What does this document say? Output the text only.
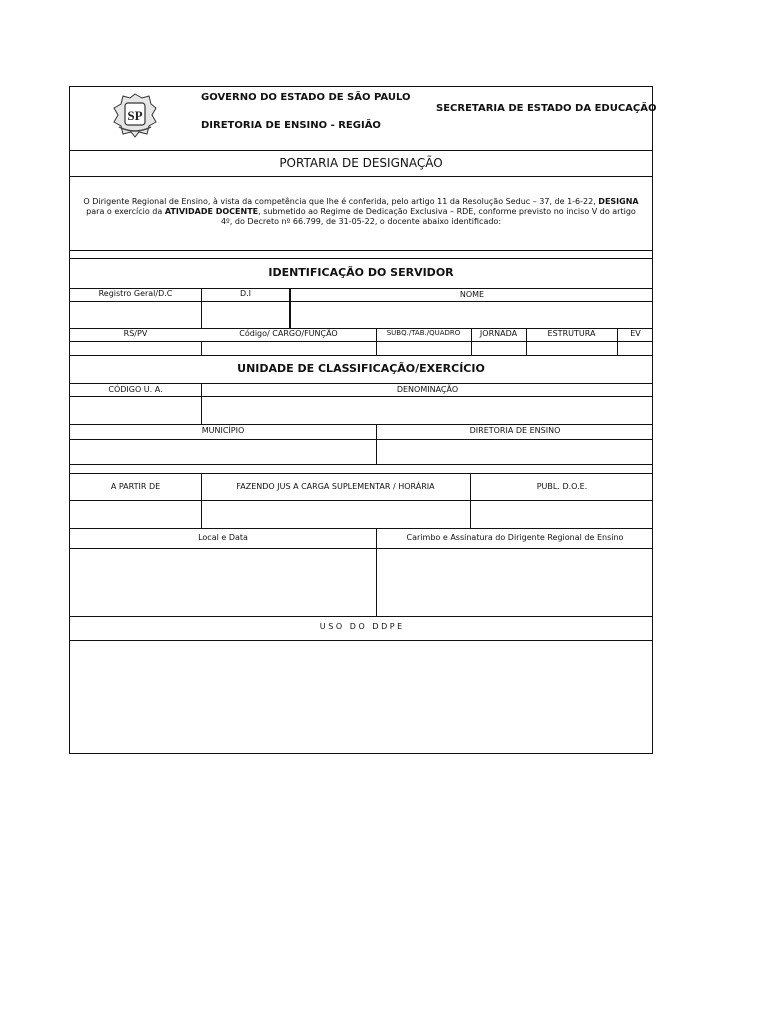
SP
GOVERNO DO ESTADO DE SÃO PAULO
DIRETORIA DE ENSINO - REGIÃO
SECRETARIA DE ESTADO DA EDUCAÇÃO
PORTARIA DE DESIGNAÇÃO
O Dirigente Regional de Ensino, à vista da competência que lhe é conferida, pelo artigo 11 da Resolução Seduc – 37, de 1-6-22, DESIGNA
para o exercício da ATIVIDADE DOCENTE, submetido ao Regime de Dedicação Exclusiva – RDE, conforme previsto no inciso V do artigo
4º, do Decreto nº 66.799, de 31-05-22, o docente abaixo identificado:
IDENTIFICAÇÃO DO SERVIDOR
Registro Geral/D.C	D.I	NOME
RS/PV	Código/ CARGO/FUNÇÃO	SUBQ./TAB./QUADRO	JORNADA	ESTRUTURA	EV
UNIDADE DE CLASSIFICAÇÃO/EXERCÍCIO
CÓDIGO U. A.	DENOMINAÇÃO
MUNICÍPIO	DIRETORIA DE ENSINO
A PARTIR DE	FAZENDO JUS A CARGA SUPLEMENTAR / HORÁRIA	PUBL. D.O.E.
Local e Data	Carimbo e Assinatura do Dirigente Regional de Ensino
U S O   D O   D D P E
